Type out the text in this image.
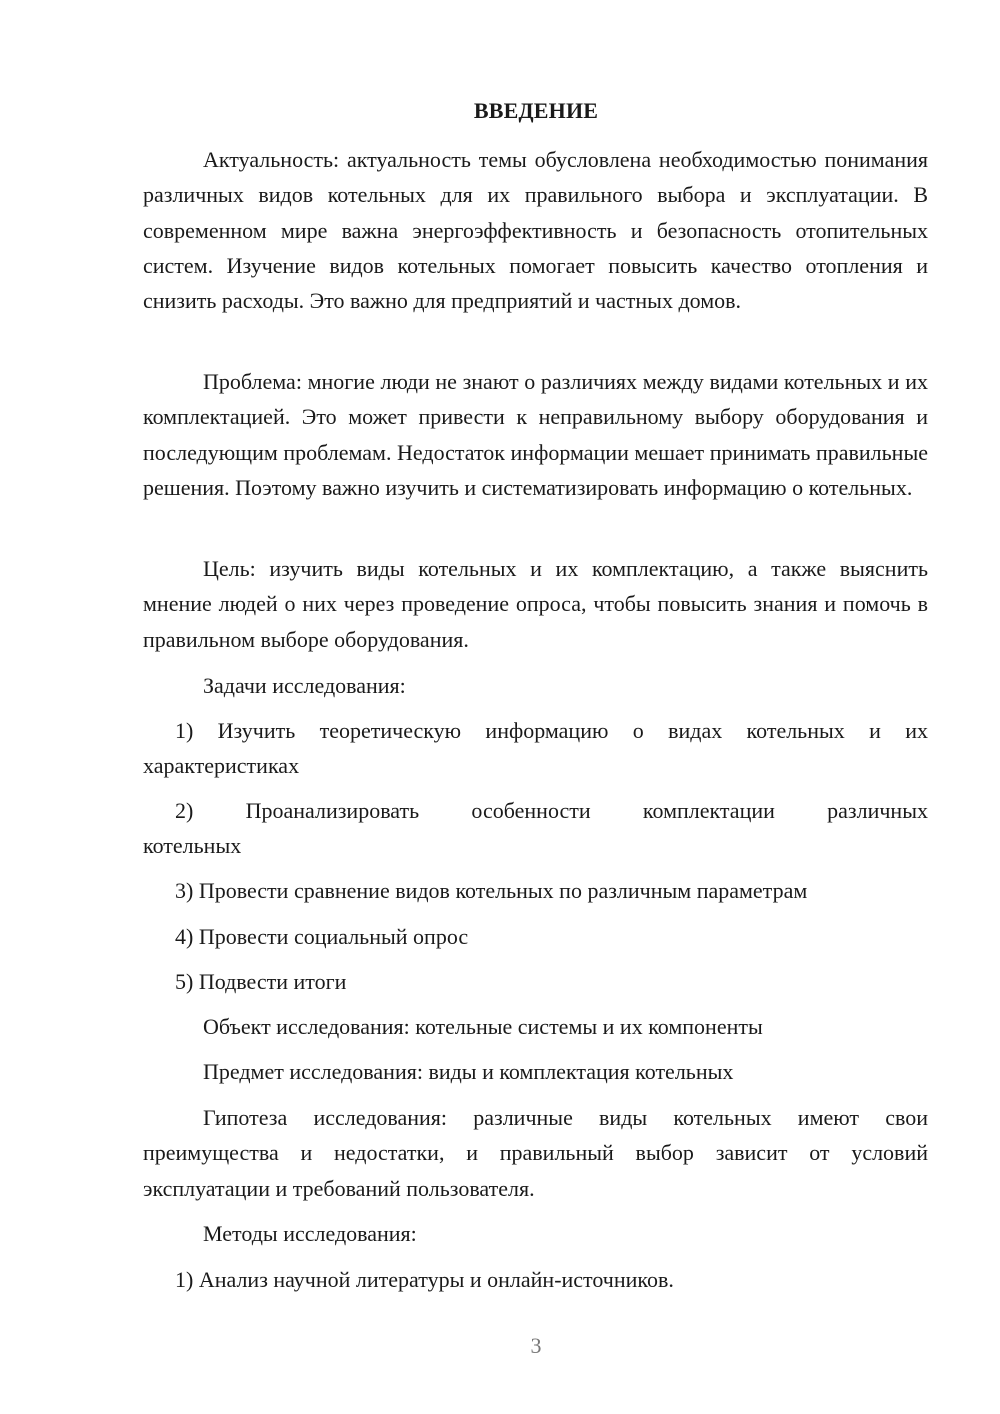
ВВЕДЕНИЕ
Актуальность: актуальность темы обусловлена необходимостью понимания различных видов котельных для их правильного выбора и эксплуатации. В современном мире важна энергоэффективность и безопасность отопительных систем. Изучение видов котельных помогает повысить качество отопления и снизить расходы. Это важно для предприятий и частных домов.
Проблема: многие люди не знают о различиях между видами котельных и их комплектацией. Это может привести к неправильному выбору оборудования и последующим проблемам. Недостаток информации мешает принимать правильные решения. Поэтому важно изучить и систематизировать информацию о котельных.
Цель: изучить виды котельных и их комплектацию, а также выяснить мнение людей о них через проведение опроса, чтобы повысить знания и помочь в правильном выборе оборудования.
Задачи исследования:
1) Изучить теоретическую информацию о видах котельных и их характеристиках
2) Проанализировать особенности комплектации различных
котельных
3) Провести сравнение видов котельных по различным параметрам
4) Провести социальный опрос
5) Подвести итоги
Объект исследования: котельные системы и их компоненты
Предмет исследования: виды и комплектация котельных
Гипотеза исследования: различные виды котельных имеют свои преимущества и недостатки, и правильный выбор зависит от условий эксплуатации и требований пользователя.
Методы исследования:
1) Анализ научной литературы и онлайн-источников.
3
